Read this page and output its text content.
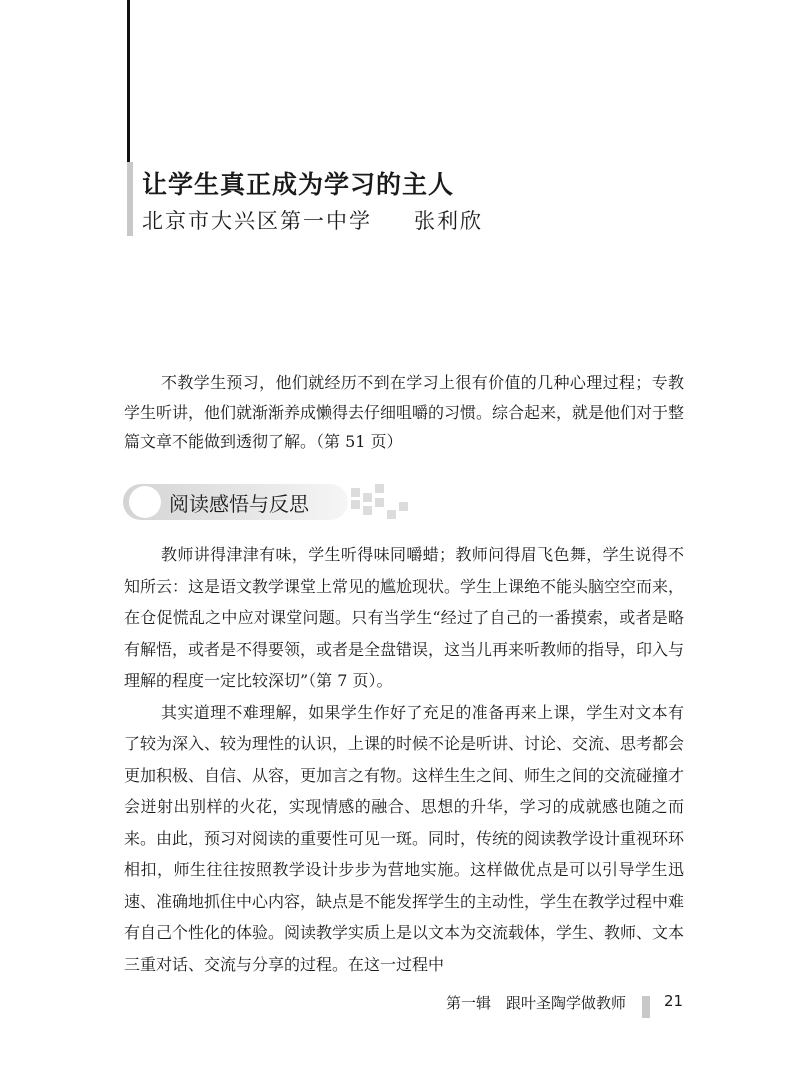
让学生真正成为学习的主人
北京市大兴区第一中学 张利欣
不教学生预习，他们就经历不到在学习上很有价值的几种心理过程；专教学生听讲，他们就渐渐养成懒得去仔细咀嚼的习惯。综合起来，就是他们对于整篇文章不能做到透彻了解。（第 51 页）
阅读感悟与反思

教师讲得津津有味，学生听得味同嚼蜡；教师问得眉飞色舞，学生说得不知所云：这是语文教学课堂上常见的尴尬现状。学生上课绝不能头脑空空而来，在仓促慌乱之中应对课堂问题。只有当学生“经过了自己的一番摸索，或者是略有解悟，或者是不得要领，或者是全盘错误，这当儿再来听教师的指导，印入与理解的程度一定比较深切”（第 7 页）。

其实道理不难理解，如果学生作好了充足的准备再来上课，学生对文本有了较为深入、较为理性的认识，上课的时候不论是听讲、讨论、交流、思考都会更加积极、自信、从容，更加言之有物。这样生生之间、师生之间的交流碰撞才会迸射出别样的火花，实现情感的融合、思想的升华，学习的成就感也随之而来。由此，预习对阅读的重要性可见一斑。同时，传统的阅读教学设计重视环环相扣，师生往往按照教学设计步步为营地实施。这样做优点是可以引导学生迅速、准确地抓住中心内容，缺点是不能发挥学生的主动性，学生在教学过程中难有自己个性化的体验。阅读教学实质上是以文本为交流载体，学生、教师、文本三重对话、交流与分享的过程。在这一过程中

第一辑　跟叶圣陶学做教师	21
